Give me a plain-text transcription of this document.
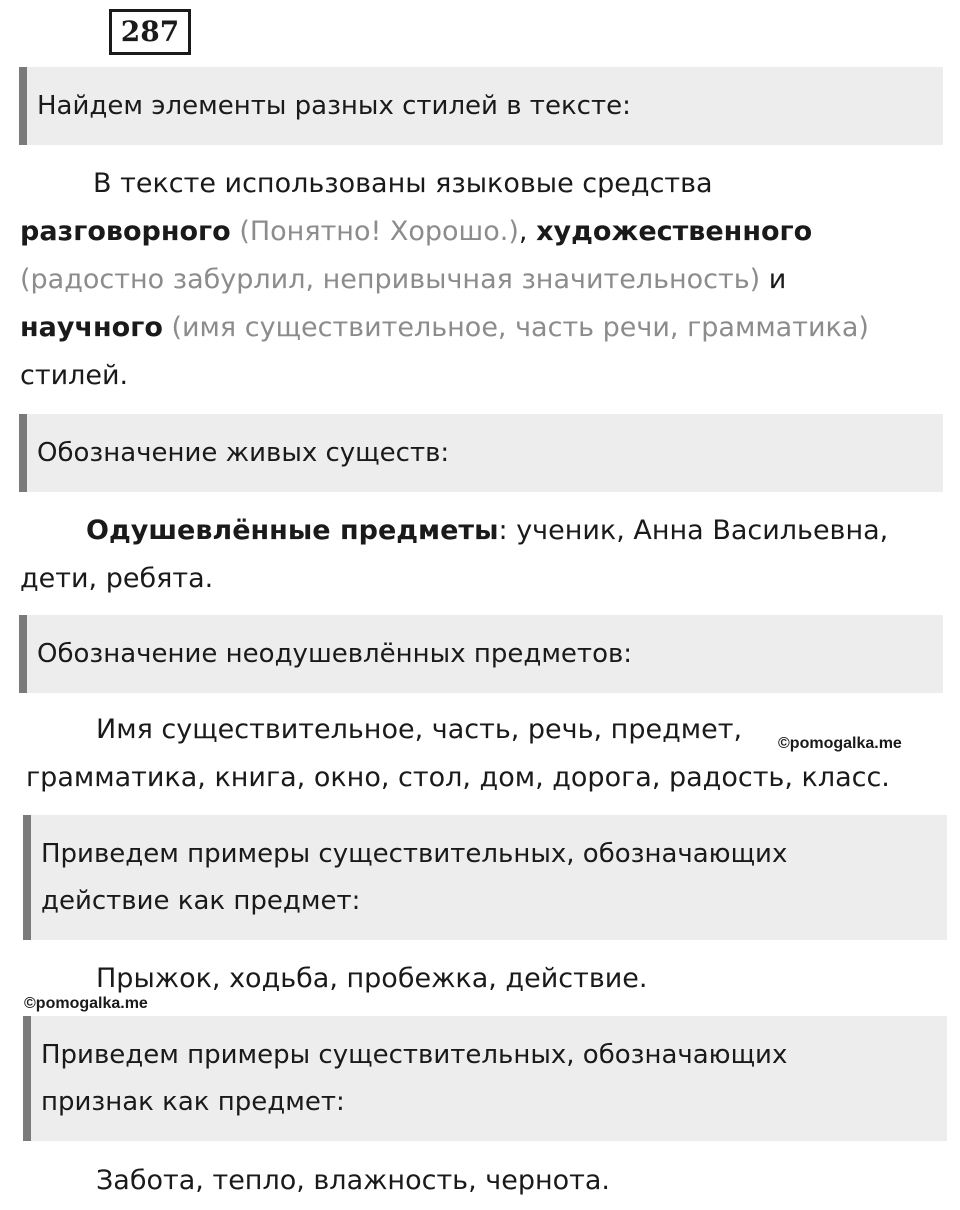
287
Найдем элементы разных стилей в тексте:
В тексте использованы языковые средства
разговорного (Понятно! Хорошо.), художественного
(радостно забурлил, непривычная значительность) и
научного (имя существительное, часть речи, грамматика)
стилей.
Обозначение живых существ:
Одушевлённые предметы: ученик, Анна Васильевна,
дети, ребята.
Обозначение неодушевлённых предметов:
Имя существительное, часть, речь, предмет,
грамматика, книга, окно, стол, дом, дорога, радость, класс.
©pomogalka.me
Приведем примеры существительных, обозначающих
действие как предмет:
Прыжок, ходьба, пробежка, действие.
©pomogalka.me
Приведем примеры существительных, обозначающих
признак как предмет:
Забота, тепло, влажность, чернота.
